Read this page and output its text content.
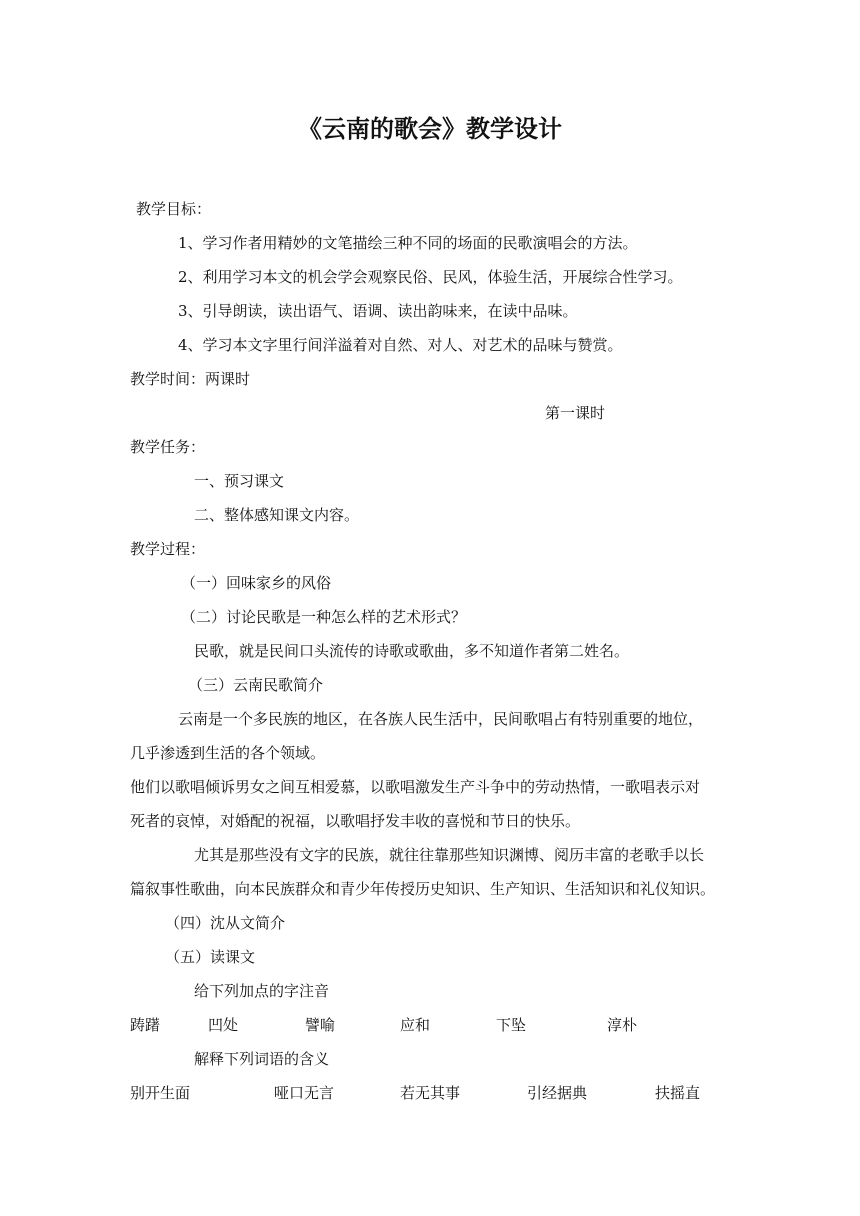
《云南的歌会》教学设计
教学目标：
1、学习作者用精妙的文笔描绘三种不同的场面的民歌演唱会的方法。
2、利用学习本文的机会学会观察民俗、民风，体验生活，开展综合性学习。
3、引导朗读，读出语气、语调、读出韵味来，在读中品味。
4、学习本文字里行间洋溢着对自然、对人、对艺术的品味与赞赏。
教学时间：两课时
第一课时
教学任务：
一、预习课文
二、整体感知课文内容。
教学过程：
（一）回味家乡的风俗
（二）讨论民歌是一种怎么样的艺术形式？
民歌，就是民间口头流传的诗歌或歌曲，多不知道作者第二姓名。
（三）云南民歌简介
云南是一个多民族的地区，在各族人民生活中，民间歌唱占有特别重要的地位，
几乎渗透到生活的各个领域。
他们以歌唱倾诉男女之间互相爱慕，以歌唱激发生产斗争中的劳动热情，一歌唱表示对
死者的哀悼，对婚配的祝福，以歌唱抒发丰收的喜悦和节日的快乐。
尤其是那些没有文字的民族，就往往靠那些知识渊博、阅历丰富的老歌手以长
篇叙事性歌曲，向本民族群众和青少年传授历史知识、生产知识、生活知识和礼仪知识。
（四）沈从文简介
（五）读课文
给下列加点的字注音
踌躇	凹处	譬喻	应和	下坠	淳朴
解释下列词语的含义
别开生面	哑口无言	若无其事	引经据典	扶摇直
